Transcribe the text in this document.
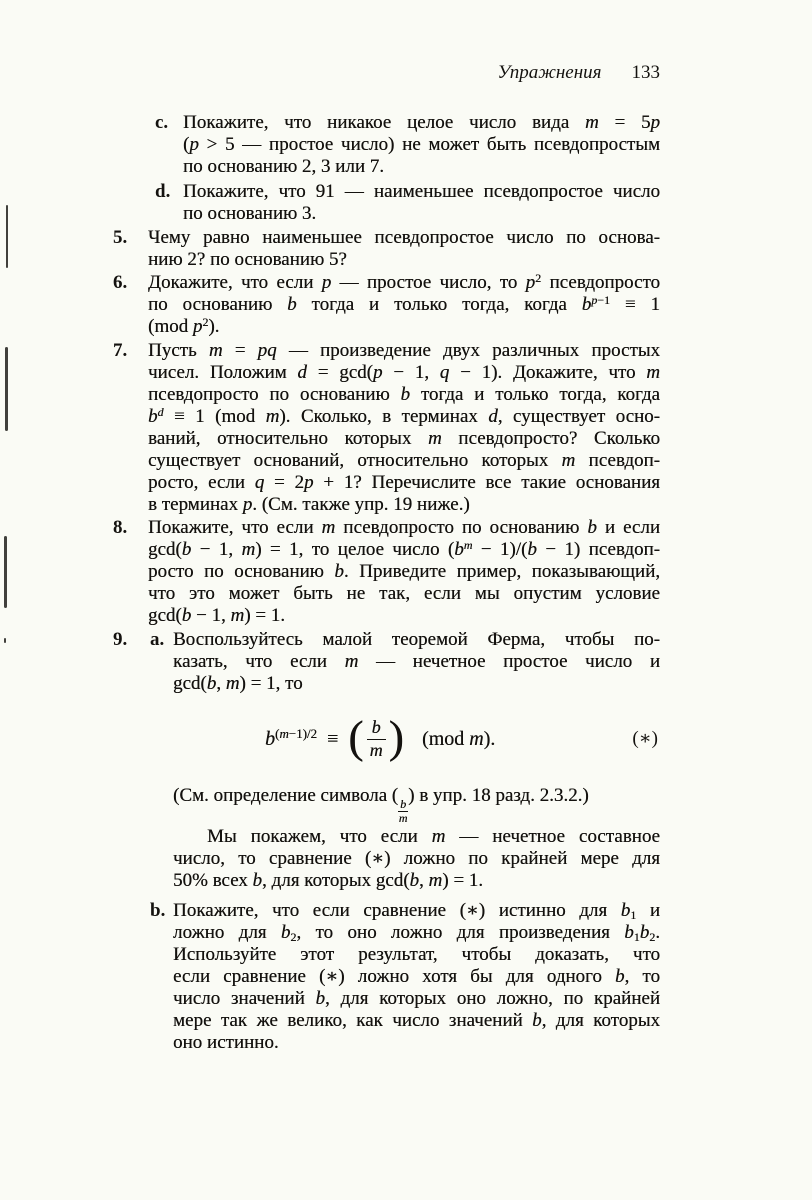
Упражнения 133
c. Покажите, что никакое целое число вида m = 5p
(p > 5 — простое число) не может быть псевдопростым
по основанию 2, 3 или 7.
d. Покажите, что 91 — наименьшее псевдопростое число
по основанию 3.
5.	Чему равно наименьшее псевдопростое число по основа-
нию 2? по основанию 5?
6.	Докажите, что если p — простое число, то $p^2$ псевдопросто
по основанию b тогда и только тогда, когда $b^{p-1} \equiv 1$
(mod $p^2$).
7.	Пусть m = pq — произведение двух различных простых
чисел. Положим d = gcd(p − 1, q − 1). Докажите, что m
псевдопросто по основанию b тогда и только тогда, когда
$b^d \equiv 1$ (mod m). Сколько, в терминах d, существует осно-
ваний, относительно которых m псевдопросто? Сколько
существует оснований, относительно которых m псевдоп-
росто, если q = 2p + 1? Перечислите все такие основания
в терминах p. (См. также упр. 19 ниже.)
8.	Покажите, что если m псевдопросто по основанию b и если
gcd(b − 1, m) = 1, то целое число $(b^m - 1)/(b - 1)$ псевдоп-
росто по основанию b. Приведите пример, показывающий,
что это может быть не так, если мы опустим условие
gcd(b − 1, m) = 1.
9.	a. Воспользуйтесь малой теоремой Ферма, чтобы по-
казать, что если m — нечетное простое число и
gcd(b, m) = 1, то
$b^{(m-1)/2}$ ≡ ( $\frac{b}{m}$ ) (mod m).	(∗)
(См. определение символа (
$\frac{b}{m}$
) в упр. 18 разд. 2.3.2.)
Мы покажем, что если m — нечетное составное
число, то сравнение (∗) ложно по крайней мере для
50% всех b, для которых gcd(b, m) = 1.
b. Покажите, что если сравнение (∗) истинно для $b_1$ и
ложно для $b_2$, то оно ложно для произведения $b_1b_2$.
Используйте этот результат, чтобы доказать, что
если сравнение (∗) ложно хотя бы для одного b, то
число значений b, для которых оно ложно, по крайней
мере так же велико, как число значений b, для которых
оно истинно.
